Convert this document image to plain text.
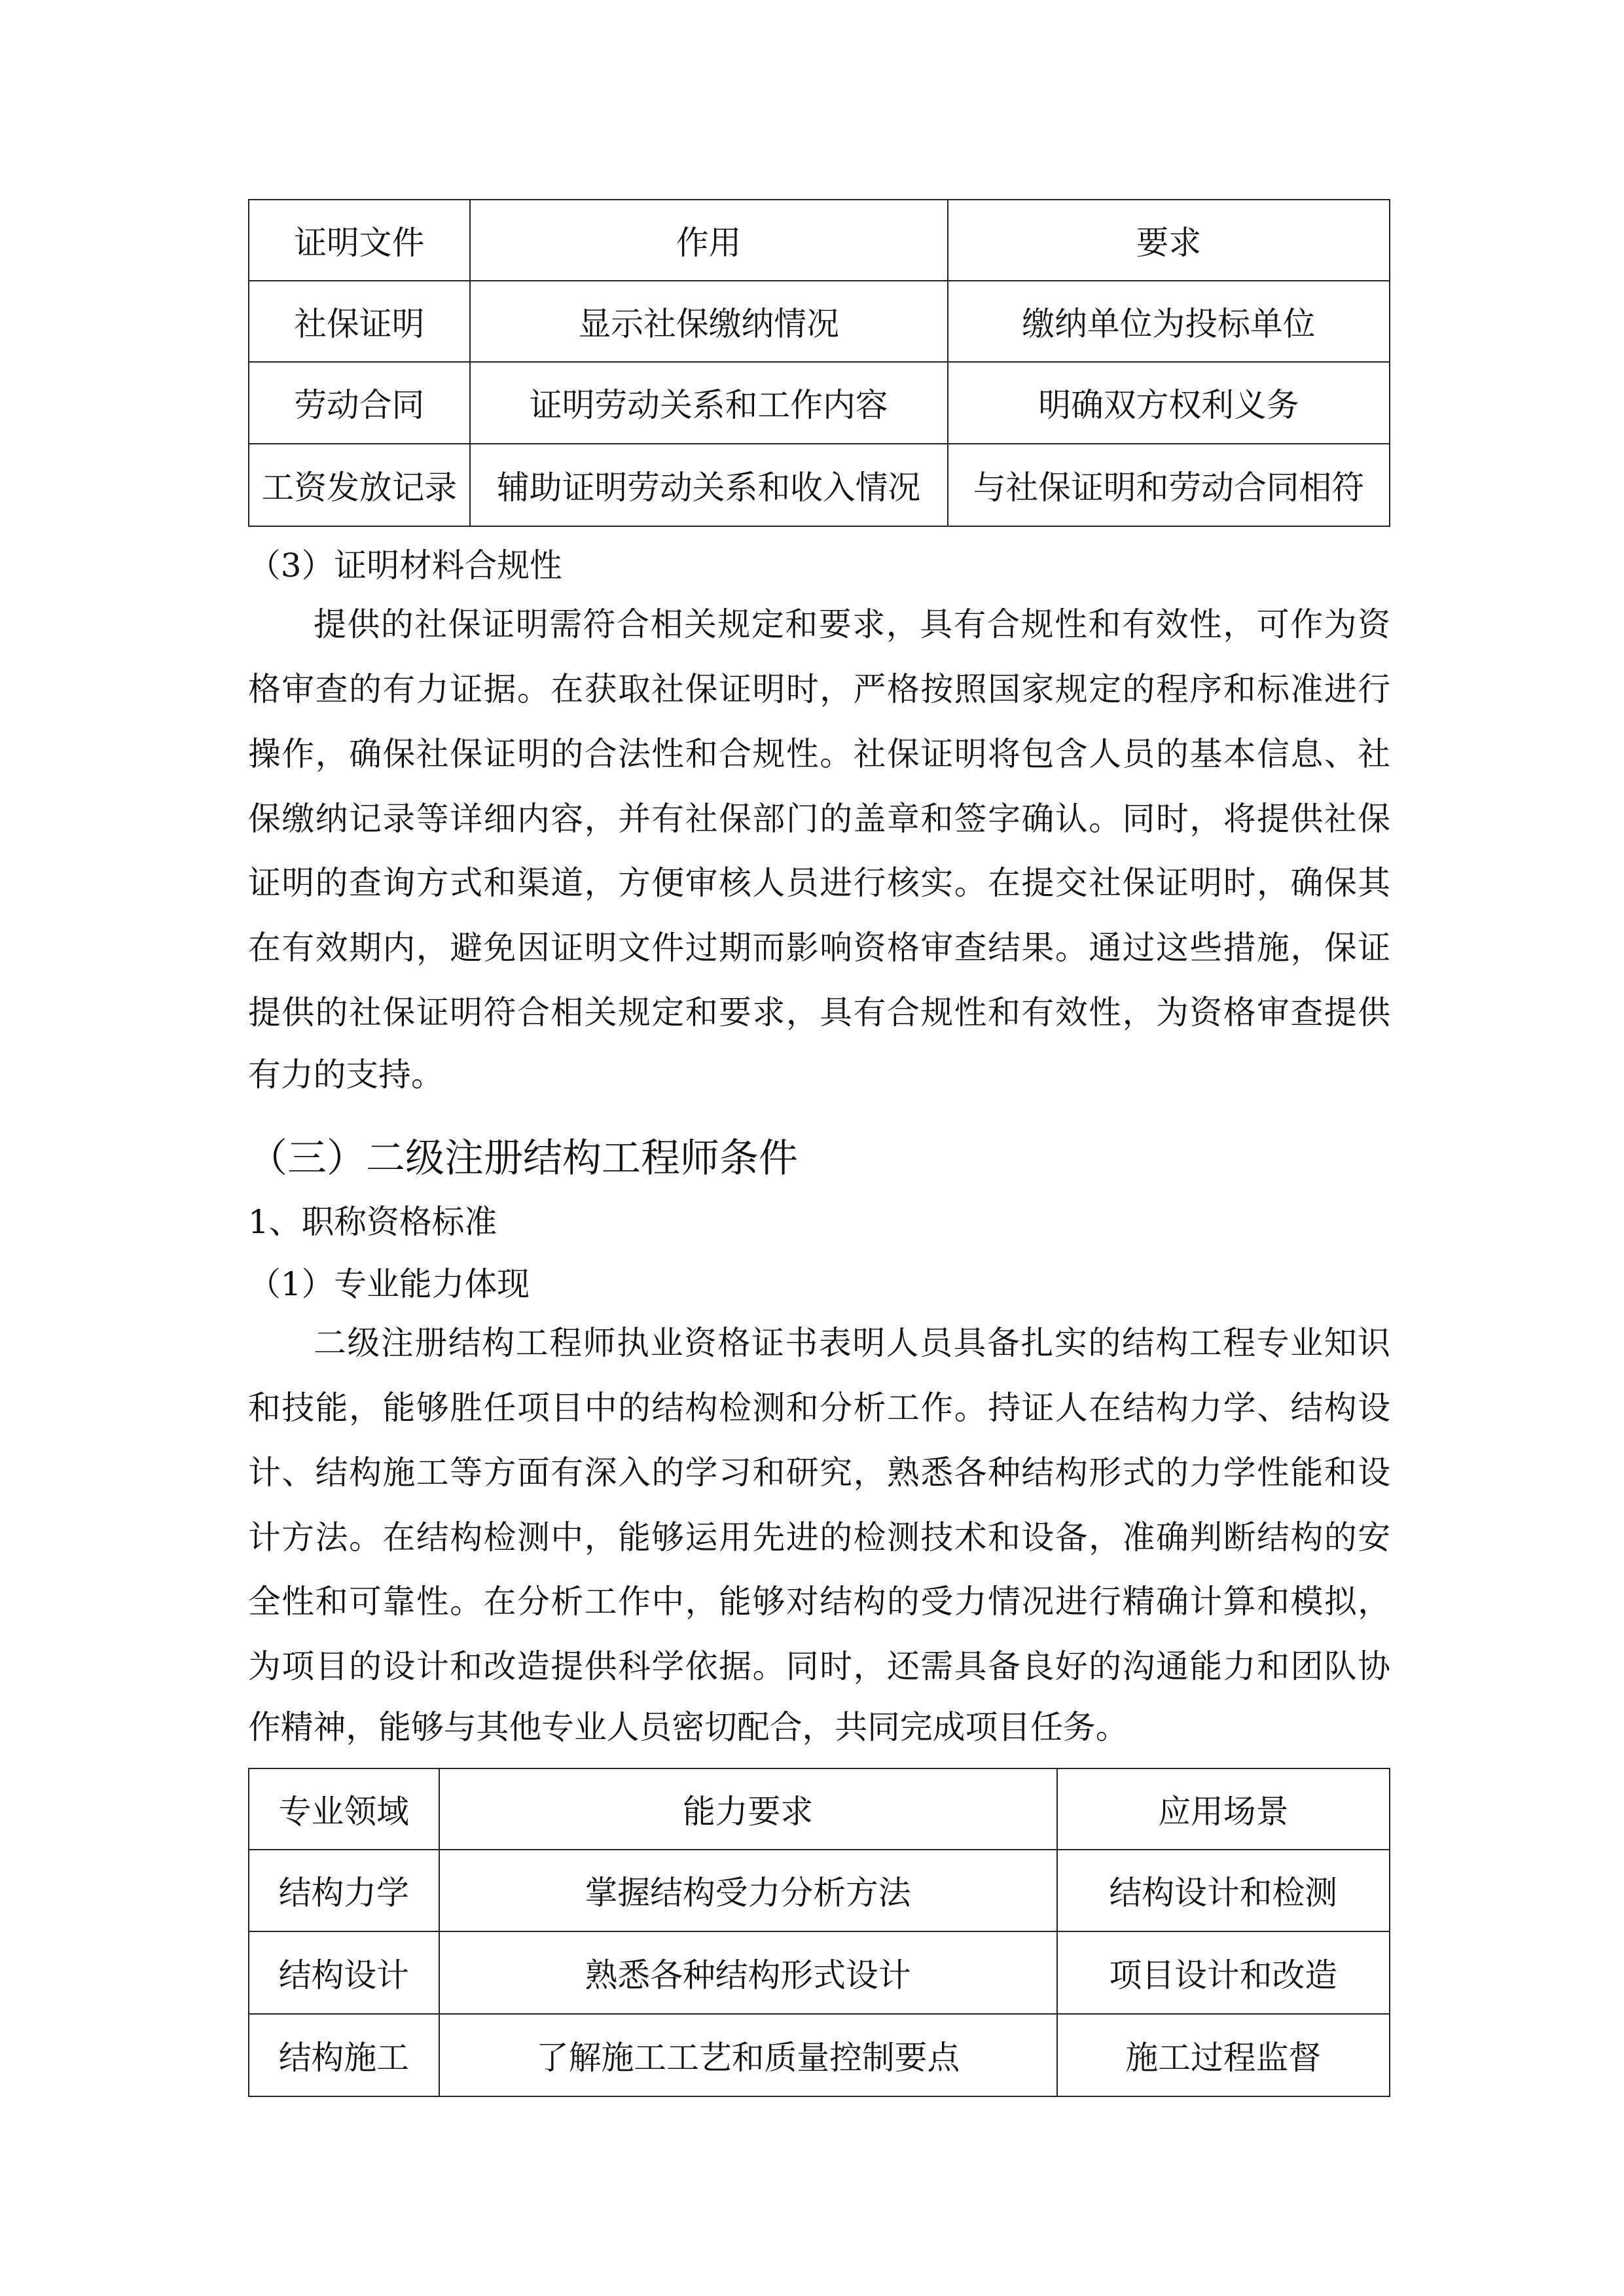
证明文件	作用	要求
社保证明	显示社保缴纳情况	缴纳单位为投标单位
劳动合同	证明劳动关系和工作内容	明确双方权利义务
工资发放记录	辅助证明劳动关系和收入情况	与社保证明和劳动合同相符
（3）证明材料合规性
提供的社保证明需符合相关规定和要求，具有合规性和有效性，可作为资
格审查的有力证据。在获取社保证明时，严格按照国家规定的程序和标准进行
操作，确保社保证明的合法性和合规性。社保证明将包含人员的基本信息、社
保缴纳记录等详细内容，并有社保部门的盖章和签字确认。同时，将提供社保
证明的查询方式和渠道，方便审核人员进行核实。在提交社保证明时，确保其
在有效期内，避免因证明文件过期而影响资格审查结果。通过这些措施，保证
提供的社保证明符合相关规定和要求，具有合规性和有效性，为资格审查提供
有力的支持。
（三）二级注册结构工程师条件
1、职称资格标准
（1）专业能力体现
二级注册结构工程师执业资格证书表明人员具备扎实的结构工程专业知识
和技能，能够胜任项目中的结构检测和分析工作。持证人在结构力学、结构设
计、结构施工等方面有深入的学习和研究，熟悉各种结构形式的力学性能和设
计方法。在结构检测中，能够运用先进的检测技术和设备，准确判断结构的安
全性和可靠性。在分析工作中，能够对结构的受力情况进行精确计算和模拟，
为项目的设计和改造提供科学依据。同时，还需具备良好的沟通能力和团队协
作精神，能够与其他专业人员密切配合，共同完成项目任务。
专业领域	能力要求	应用场景
结构力学	掌握结构受力分析方法	结构设计和检测
结构设计	熟悉各种结构形式设计	项目设计和改造
结构施工	了解施工工艺和质量控制要点	施工过程监督
